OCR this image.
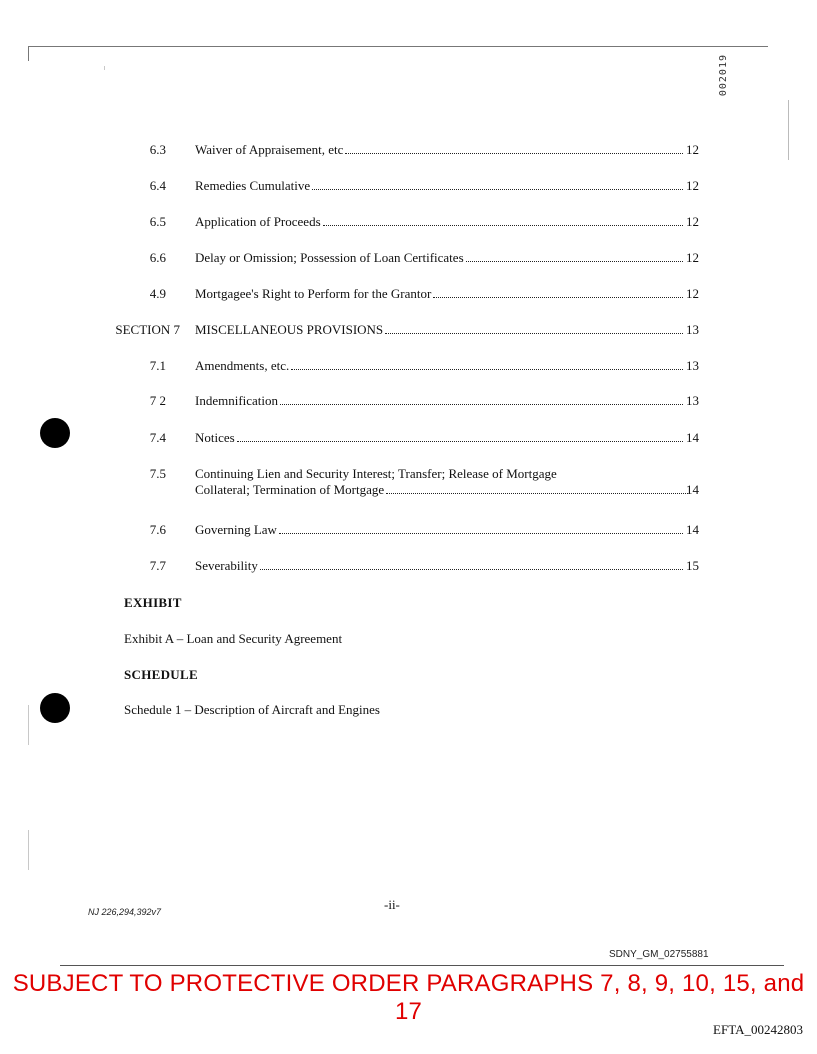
002019
6.3 Waiver of Appraisement, etc	12
6.4 Remedies Cumulative	12
6.5 Application of Proceeds	12
6.6 Delay or Omission; Possession of Loan Certificates	12
4.9 Mortgagee's Right to Perform for the Grantor	12
SECTION 7 MISCELLANEOUS PROVISIONS	13
7.1 Amendments, etc.	13
7 2 Indemnification	13
7.4 Notices	14
7.5 Continuing Lien and Security Interest; Transfer; Release of Mortgage
Collateral; Termination of Mortgage	14
7.6 Governing Law	14
7.7 Severability	15
EXHIBIT
Exhibit A – Loan and Security Agreement
SCHEDULE
Schedule 1 – Description of Aircraft and Engines
NJ 226,294,392v7	-ii-
SDNY_GM_02755881
SUBJECT TO PROTECTIVE ORDER PARAGRAPHS 7, 8, 9, 10, 15, and 17
EFTA_00242803
